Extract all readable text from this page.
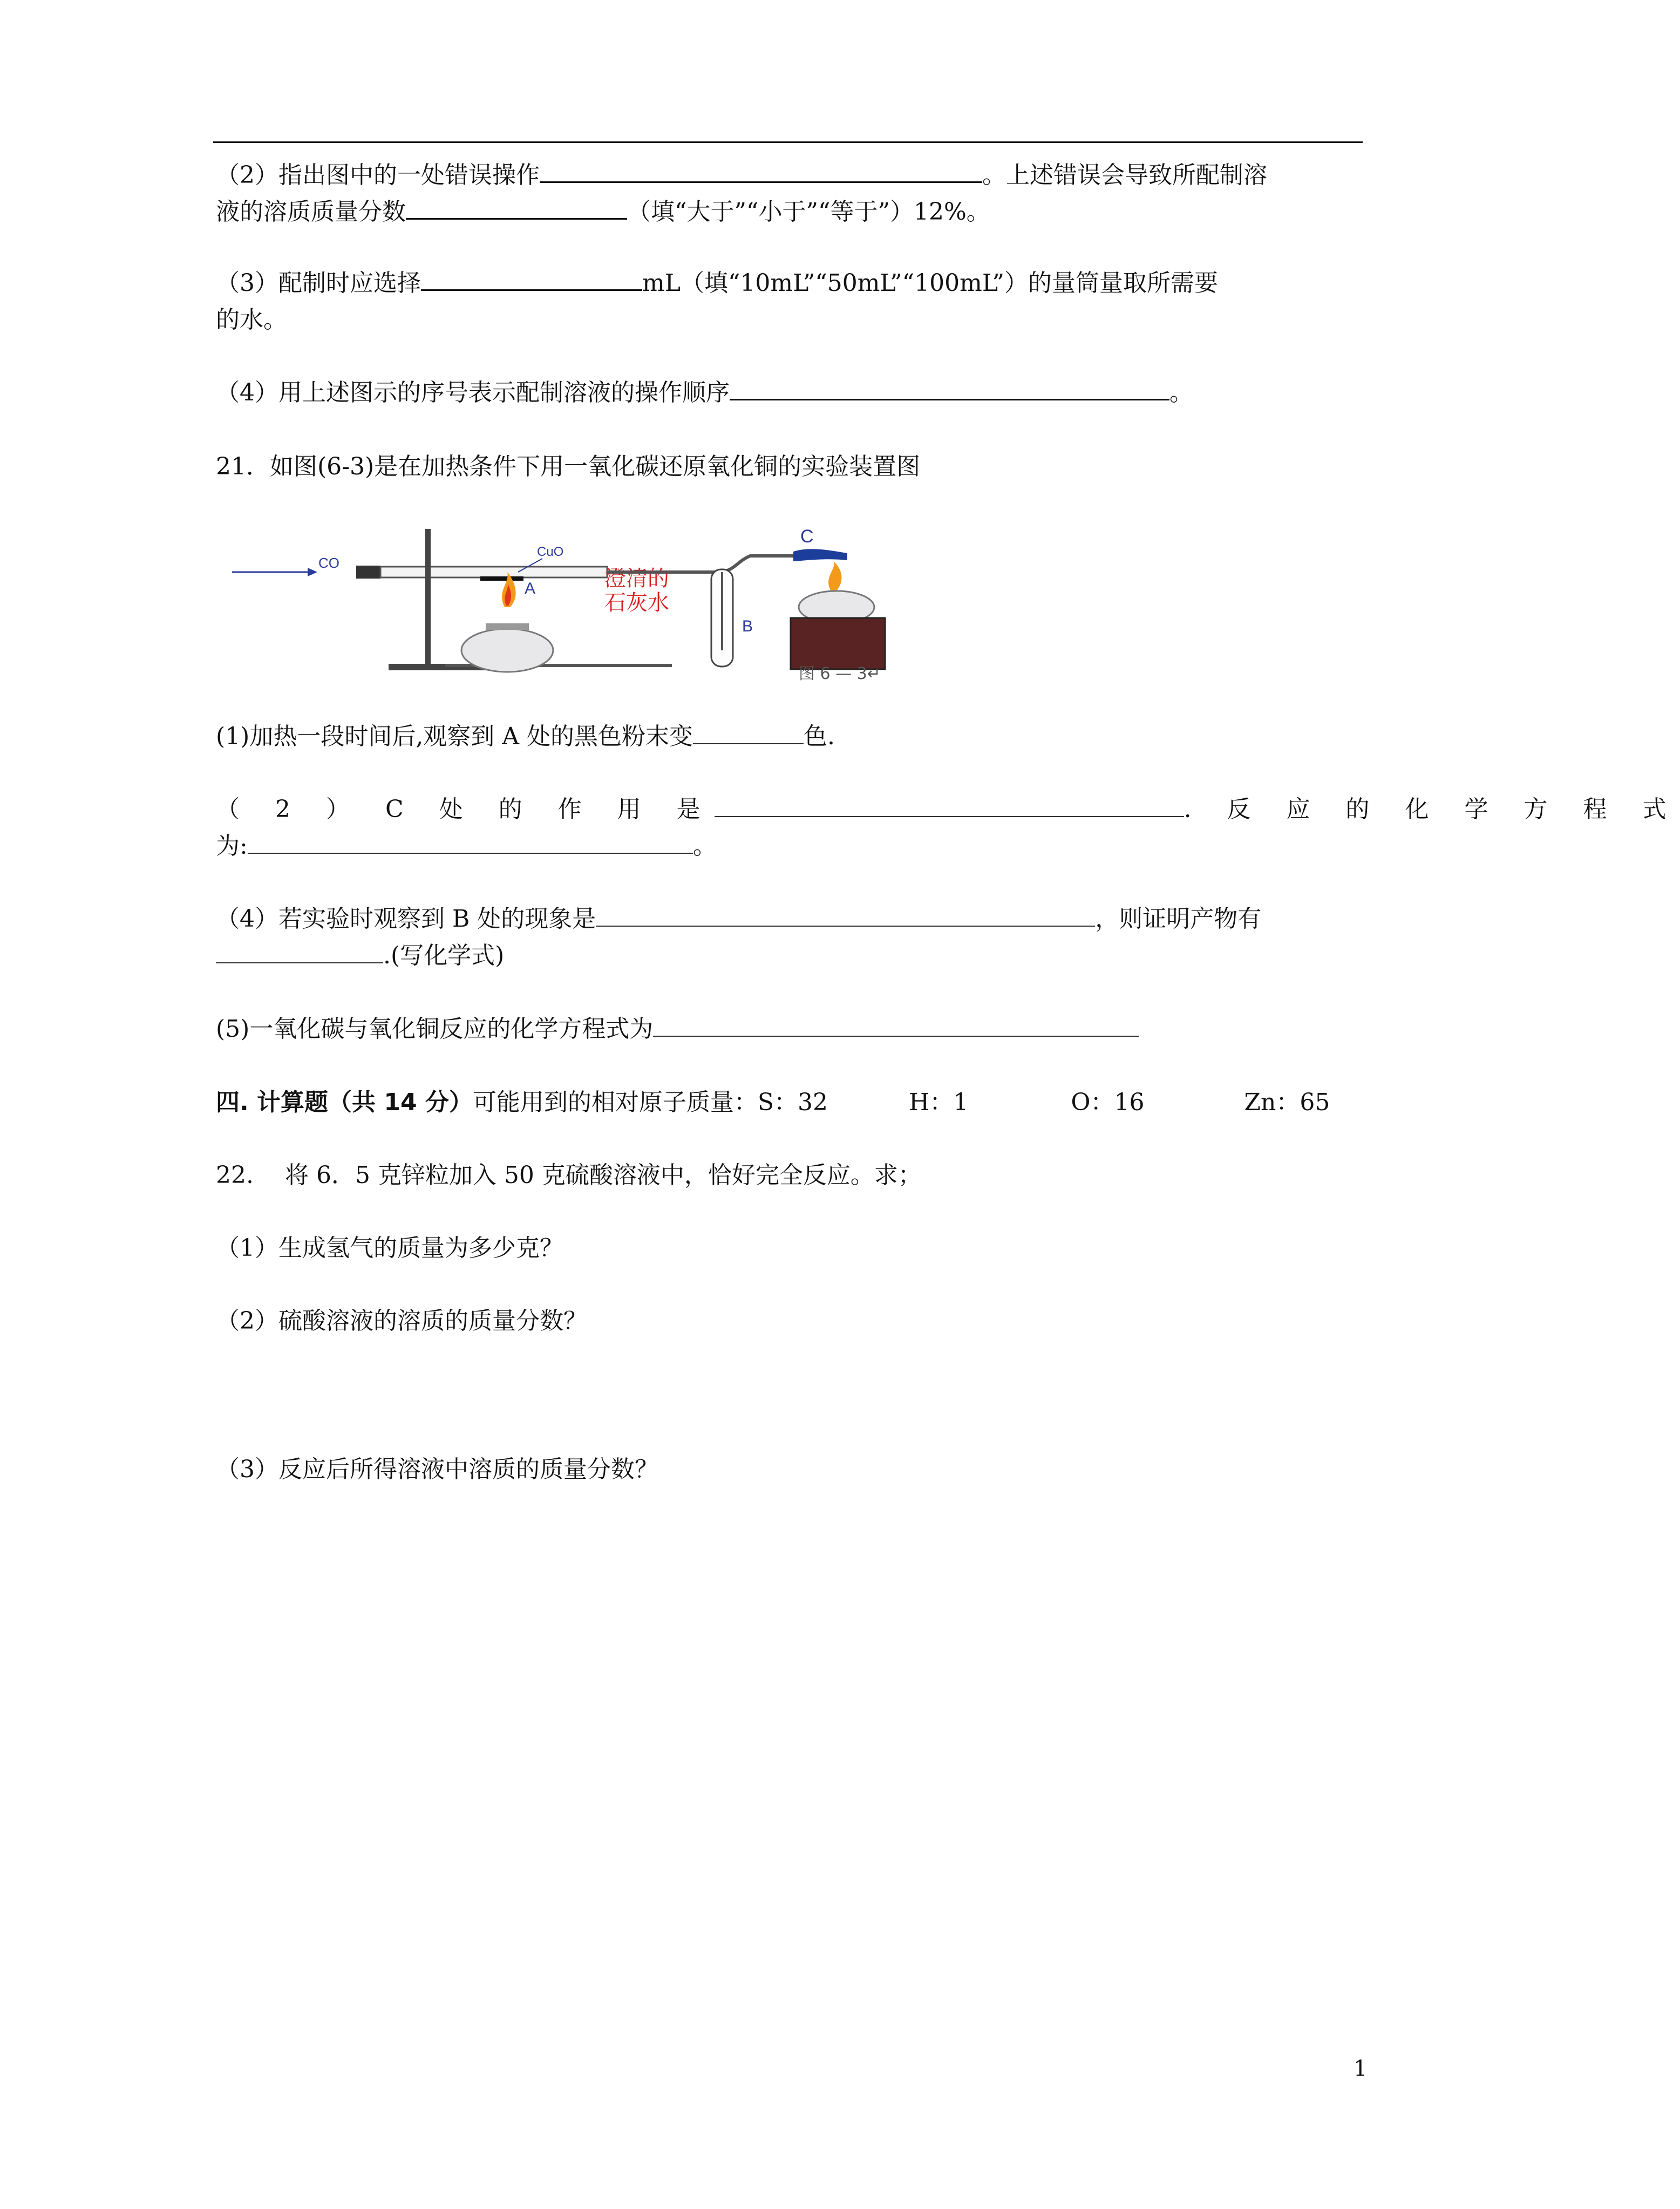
（2）指出图中的一处错误操作	。上述错误会导致所配制溶
液的溶质质量分数	（填“大于”“小于”“等于”）12%。
（3）配制时应选择	mL（填“10mL”“50mL”“100mL”）的量筒量取所需要
的水。
（4）用上述图示的序号表示配制溶液的操作顺序	。
21．如图(6-3)是在加热条件下用一氧化碳还原氧化铜的实验装置图
CO
CuO
A	澄清的
石灰水
B
C
图 6 — 3↵
(1)加热一段时间后,观察到 A 处的黑色粉末变	色.
（ 2 ） C 处 的 作 用 是	. 反 应 的 化 学 方 程 式
为:	。
（4）若实验时观察到 B 处的现象是	，则证明产物有
.(写化学式)
(5)一氧化碳与氧化铜反应的化学方程式为
四. 计算题（共 14 分）可能用到的相对原子质量：S：32	H：1	O：16	Zn：65
22.　 将 6．5 克锌粒加入 50 克硫酸溶液中，恰好完全反应。求；
（1）生成氢气的质量为多少克？
（2）硫酸溶液的溶质的质量分数？
（3）反应后所得溶液中溶质的质量分数？
1
